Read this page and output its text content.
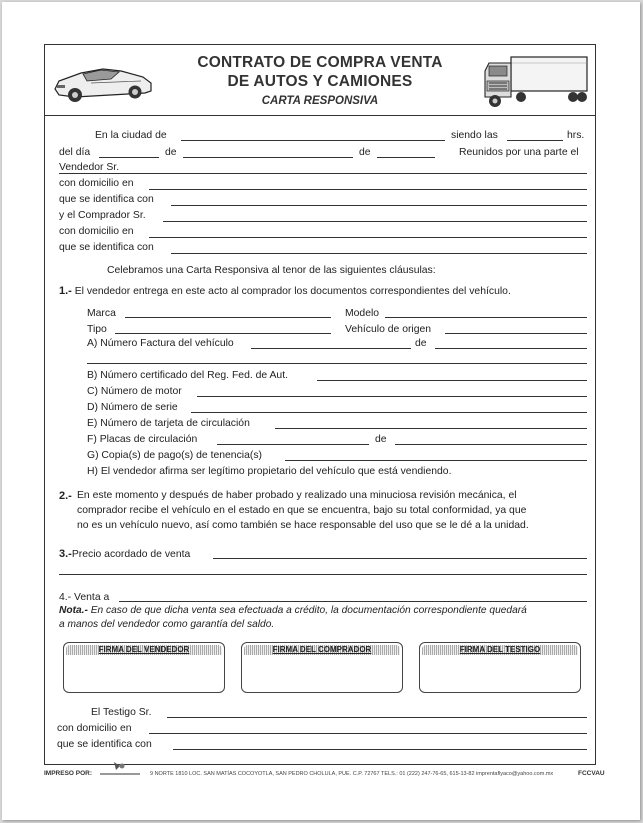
CONTRATO DE COMPRA VENTA
DE AUTOS Y CAMIONES
CARTA RESPONSIVA
En la ciudad de	siendo las	hrs.
del día	de	de	Reunidos por una parte el
Vendedor Sr.
con domicilio en
que se identifica con
y el Comprador Sr.
con domicilio en
que se identifica con
Celebramos una Carta Responsiva al tenor de las siguientes cláusulas:
1.- El vendedor entrega en este acto al comprador los documentos correspondientes del vehículo.
Marca	Modelo
Tipo	Vehículo de origen
A) Número Factura del vehículo	de
B) Número certificado del Reg. Fed. de Aut.
C) Número de motor
D) Número de serie
E) Número de tarjeta de circulación
F) Placas de circulación	de
G) Copia(s) de pago(s) de tenencia(s)
H) El vendedor afirma ser legítimo propietario del vehículo que está vendiendo.
2.- En este momento y después de haber probado y realizado una minuciosa revisión mecánica, el
comprador recibe el vehículo en el estado en que se encuentra, bajo su total conformidad, ya que
no es un vehículo nuevo, así como también se hace responsable del uso que se le dé a la unidad.
3.-Precio acordado de venta
4.- Venta a
Nota.- En caso de que dicha venta sea efectuada a crédito, la documentación correspondiente quedará
a manos del vendedor como garantía del saldo.
FIRMA DEL VENDEDOR	FIRMA DEL COMPRADOR	FIRMA DEL TESTIGO
El Testigo Sr.
con domicilio en
que se identifica con
IMPRESO POR:	9 NORTE 1810 LOC. SAN MATÍAS COCOYOTLA, SAN PEDRO CHOLULA, PUE. C.P. 72767 TELS.: 01 (222) 247-76-65, 615-13-82 imprentaflyaco@yahoo.com.mx	FCCVAU
